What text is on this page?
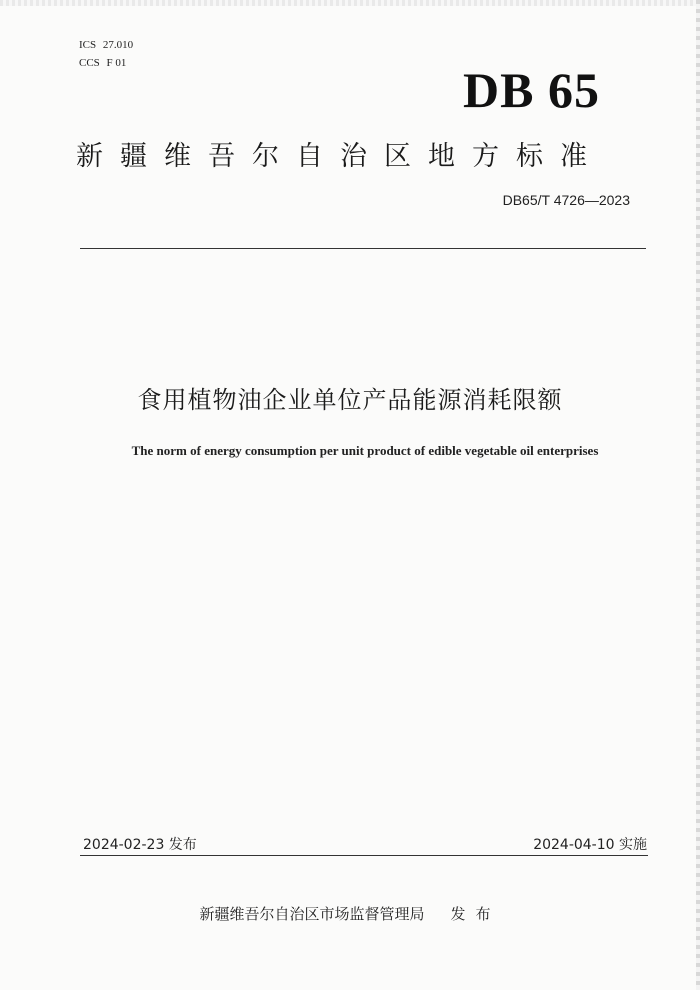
ICS 27.010
CCS F 01	DB 65
新疆维吾尔自治区地方标准
DB65/T 4726—2023
食用植物油企业单位产品能源消耗限额
The norm of energy consumption per unit product of edible vegetable oil enterprises
2024-02-23 发布	2024-04-10 实施
新疆维吾尔自治区市场监督管理局 发布
